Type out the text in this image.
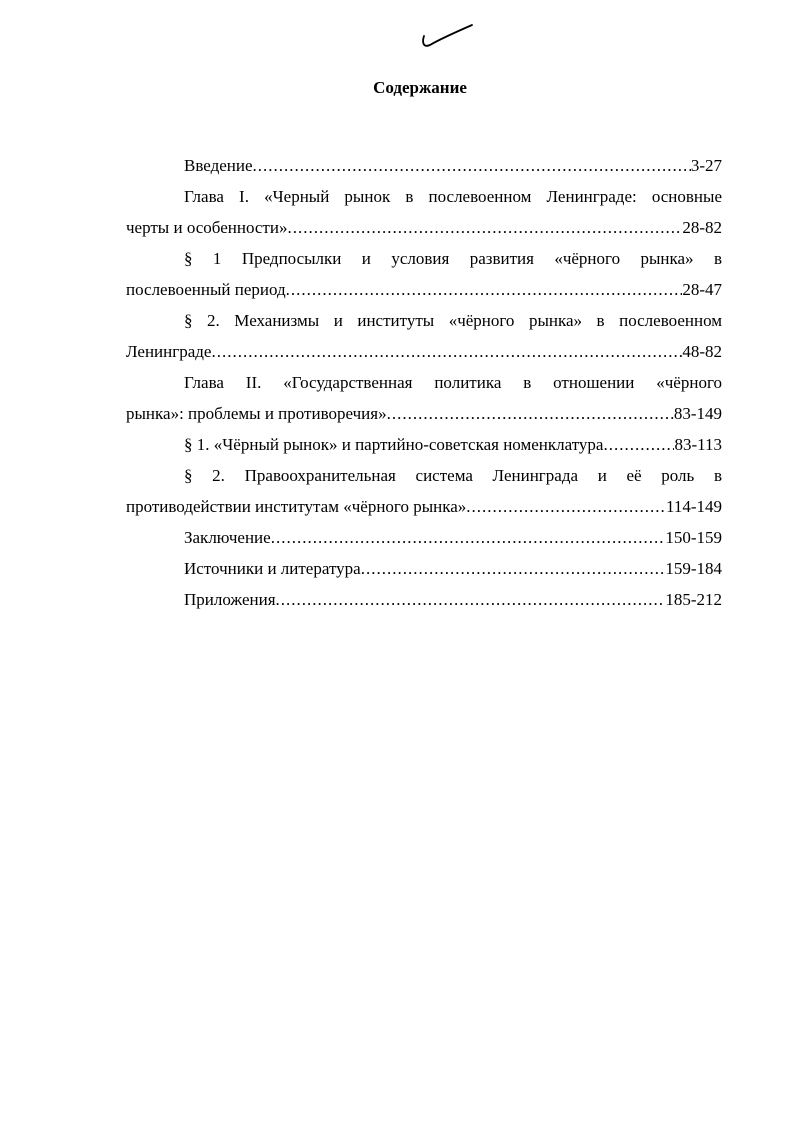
Содержание
Введение .....	3-27
Глава I. «Черный рынок в послевоенном Ленинграде: основные
черты и особенности» .....	28-82
§ 1 Предпосылки и условия развития «чёрного рынка» в
послевоенный период .....	28-47
§ 2. Механизмы и институты «чёрного рынка» в послевоенном
Ленинграде .....	48-82
Глава II. «Государственная политика в отношении «чёрного
рынка»: проблемы и противоречия» .....	83-149
§ 1. «Чёрный рынок» и партийно-советская номенклатура .....	83-113
§ 2. Правоохранительная система Ленинграда и её роль в
противодействии институтам «чёрного рынка» .....	114-149
Заключение .....	150-159
Источники и литература .....	159-184
Приложения .....	185-212
